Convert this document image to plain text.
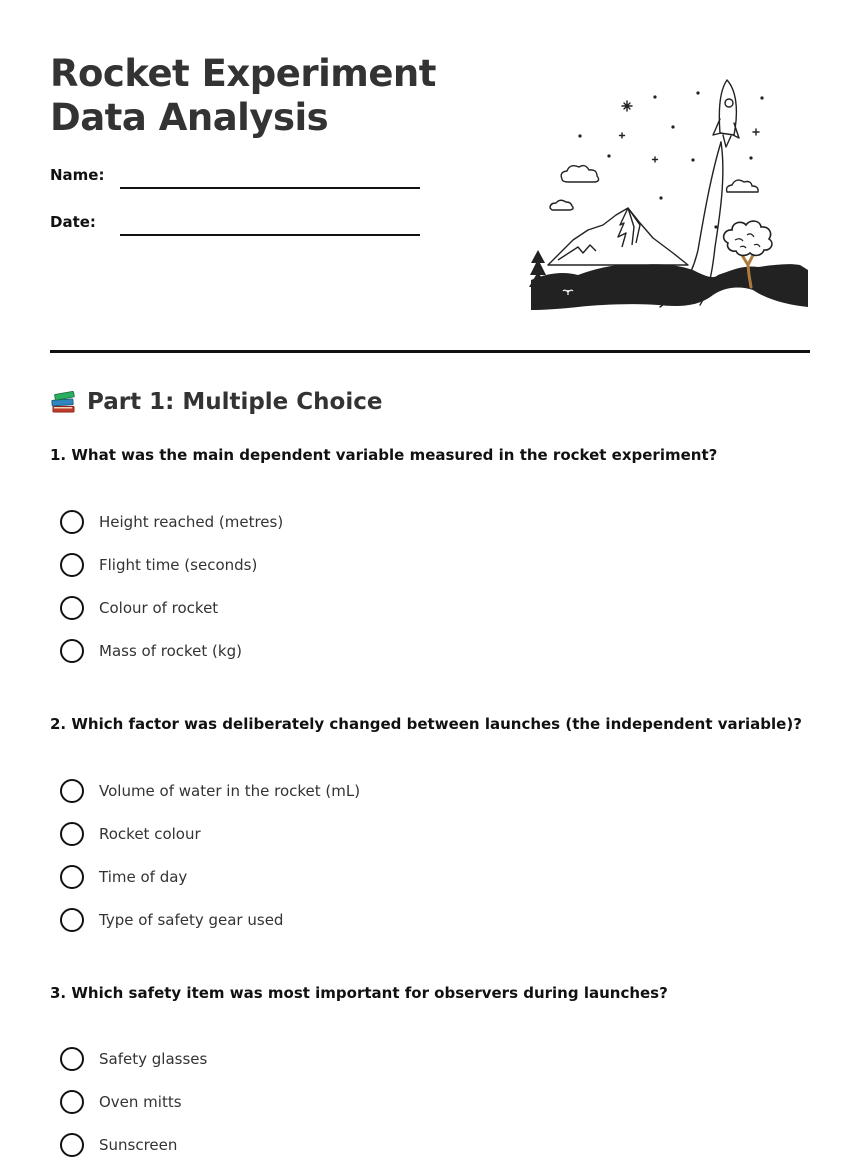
Rocket Experiment Data Analysis
Name:
Date:
Part 1: Multiple Choice
1. What was the main dependent variable measured in the rocket experiment?
Height reached (metres)
Flight time (seconds)
Colour of rocket
Mass of rocket (kg)
2. Which factor was deliberately changed between launches (the independent variable)?
Volume of water in the rocket (mL)
Rocket colour
Time of day
Type of safety gear used
3. Which safety item was most important for observers during launches?
Safety glasses
Oven mitts
Sunscreen
